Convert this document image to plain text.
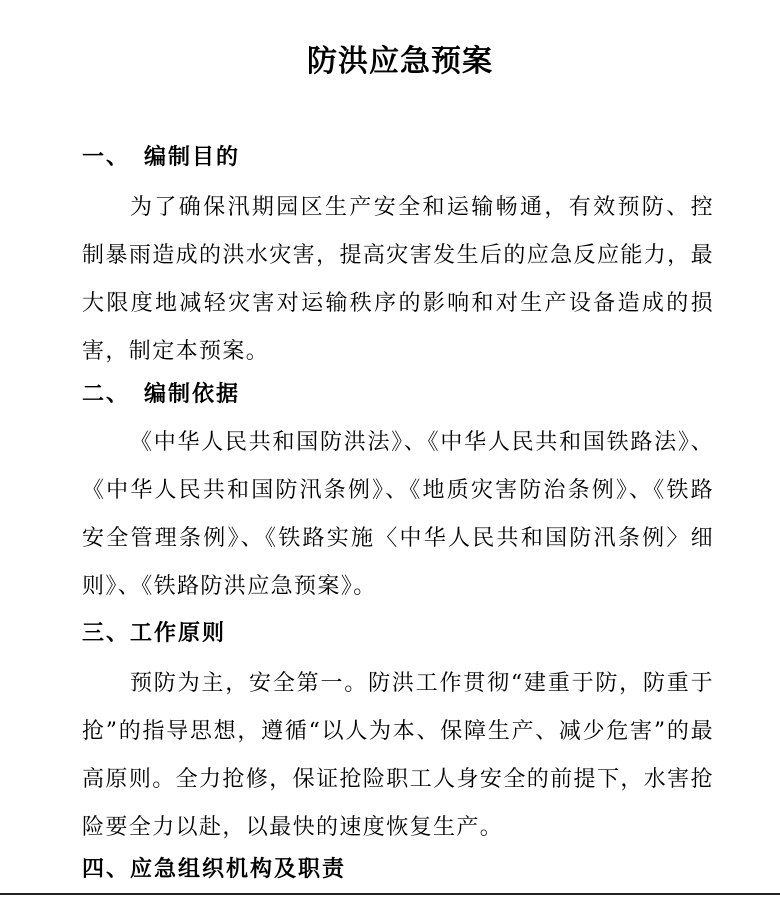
防洪应急预案
一、 编制目的

为了确保汛期园区生产安全和运输畅通，有效预防、控制暴雨造成的洪水灾害，提高灾害发生后的应急反应能力，最大限度地减轻灾害对运输秩序的影响和对生产设备造成的损害，制定本预案。

二、 编制依据

《中华人民共和国防洪法》、《中华人民共和国铁路法》、《中华人民共和国防汛条例》、《地质灾害防治条例》、《铁路安全管理条例》、《铁路实施〈中华人民共和国防汛条例〉细则》、《铁路防洪应急预案》。

三、工作原则

预防为主，安全第一。防洪工作贯彻“建重于防，防重于抢”的指导思想，遵循“以人为本、保障生产、减少危害”的最高原则。全力抢修，保证抢险职工人身安全的前提下，水害抢险要全力以赴，以最快的速度恢复生产。

四、应急组织机构及职责
